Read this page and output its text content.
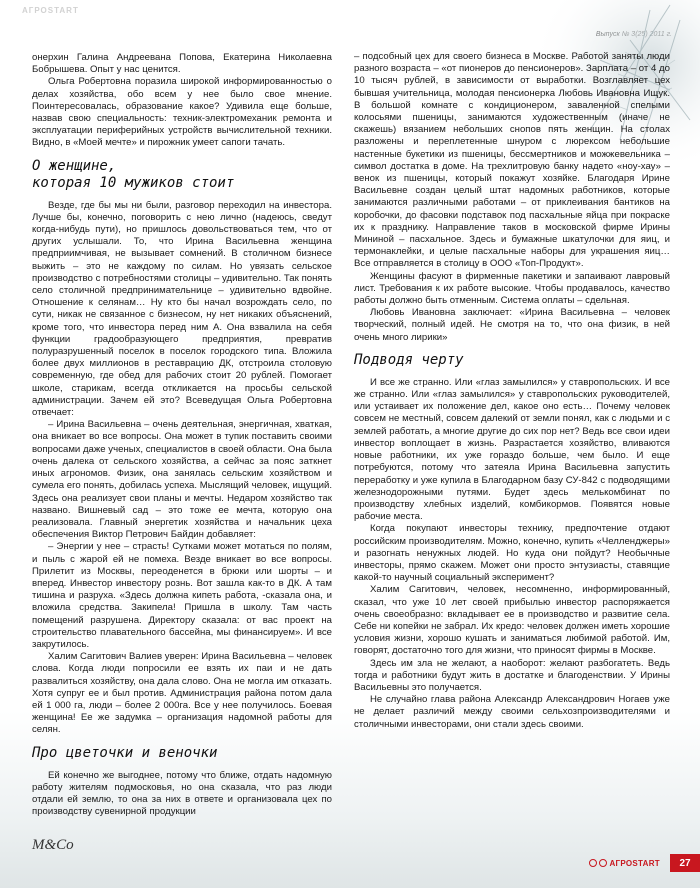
АГРОSTART

онерхин Галина Андреевана Попова, Екатерина Николаевна Бобрышева. Опыт у нас ценится.

Ольга Робертовна поразила широкой информированностью о делах хозяйства, обо всем у нее было свое мнение. Поинтересовалась, образование какое? Удивила еще больше, назвав свою специальность: техник-электромеханик ремонта и эксплуатации периферийных устройств вычислительной техники. Видно, в «Моей мечте» и пирожник умеет сапоги тачать.

О женщине,
которая 10 мужиков стоит

Везде, где бы мы ни были, разговор переходил на инвестора. Лучше бы, конечно, поговорить с нею лично (надеюсь, сведут когда-нибудь пути), но пришлось довольствоваться тем, что от других услышали. То, что Ирина Васильевна женщина предприимчивая, не вызывает сомнений. В столичном бизнесе выжить – это не каждому по силам. Но увязать сельское производство с потребностями столицы – удивительно. Так понять село столичной предпринимательнице – удивительно вдвойне. Отношение к селянам… Ну кто бы начал возрождать село, по сути, никак не связанное с бизнесом, ну нет никаких объяснений, кроме того, что инвестора перед ним А. Она взвалила на себя функции градообразующего предприятия, превратив полуразрушенный поселок в поселок городского типа. Вложила более двух миллионов в реставрацию ДК, отстроила столовую современную, где обед для рабочих стоит 20 рублей. Помогает школе, старикам, всегда откликается на просьбы сельской администрации. Зачем ей это? Всеведущая Ольга Робертовна отвечает:

– Ирина Васильевна – очень деятельная, энергичная, хваткая, она вникает во все вопросы. Она может в тупик поставить своими вопросами даже ученых, специалистов в своей области. Она была очень далека от сельского хозяйства, а сейчас за пояс заткнет иных агрономов. Физик, она занялась сельским хозяйством и сумела его понять, добилась успеха. Мыслящий человек, ищущий. Здесь она реализует свои планы и мечты. Недаром хозяйство так названо. Вишневый сад – это тоже ее мечта, которую она реализовала. Главный энергетик хозяйства и начальник цеха обеспечения Виктор Петрович Байдин добавляет:

– Энергии у нее – страсть! Сутками может мотаться по полям, и пыль с жарой ей не помеха. Везде вникает во все вопросы. Прилетит из Москвы, переоденется в брюки или шорты – и вперед. Инвестор инвестору рознь. Вот зашла как-то в ДК. А там тишина и разруха. «Здесь должна кипеть работа, -сказала она, и вложила средства. Закипела! Пришла в школу. Там часть помещений разрушена. Директору сказала: от вас проект на строительство плавательного бассейна, мы финансируем». И все закрутилось.

Халим Сагитович Валиев уверен: Ирина Васильевна – человек слова. Когда люди попросили ее взять их паи и не дать развалиться хозяйству, она дала слово. Она не могла им отказать. Хотя супруг ее и был против. Администрация района потом дала ей 1 000 га, люди – более 2 000га. Все у нее получилось. Боевая женщина! Ее же задумка – организация надомной работы для селян.

Про цветочки и веночки

Ей конечно же выгоднее, потому что ближе, отдать надомную работу жителям подмосковья, но она сказала, что раз люди отдали ей землю, то она за них в ответе и организовала цех по производству сувенирной продукции

– подсобный цех для своего бизнеса в Москве. Работой заняты люди разного возраста – «от пионеров до пенсионеров». Зарплата – от 4 до 10 тысяч рублей, в зависимости от выработки. Возглавляет цех бывшая учительница, молодая пенсионерка Любовь Ивановна Ищук. В большой комнате с кондиционером, заваленной спелыми колосьями пшеницы, занимаются художественным (иначе не скажешь) вязанием небольших снопов пять женщин. На столах разложены и переплетенные шнуром с люрексом небольшие настенные букетики из пшеницы, бессмертников и можжевельника – символ достатка в доме. На трехлитровую банку надето «ноу-хау» – венок из пшеницы, который покажут хозяйке. Благодаря Ирине Васильевне создан целый штат надомных работников, которые занимаются различными работами – от приклеивания бантиков на коробочки, до фасовки подставок под пасхальные яйца при покраске их к празднику. Направление таков в московской фирме Ирины Мининой – пасхальное. Здесь и бумажные шкатулочки для яиц, и термонаклейки, и целые пасхальные наборы для украшения яиц… Все отправляется в столицу в ООО «Топ-Продукт».

Женщины фасуют в фирменные пакетики и запаивают лавровый лист. Требования к их работе высокие. Чтобы продавалось, качество работы должно быть отменным. Система оплаты – сдельная.

Любовь Ивановна заключает: «Ирина Васильевна – человек творческий, полный идей. Не смотря на то, что она физик, в ней очень много лирики»

Подводя черту

И все же странно. Или «глаз замылился» у ставропольских. И все же странно. Или «глаз замылился» у ставропольских руководителей, или устаивает их положение дел, какое оно есть… Почему человек совсем не местный, совсем далекий от земли понял, как с людьми и с землей работать, а многие другие до сих пор нет? Ведь все свои идеи инвестор воплощает в жизнь. Разрастается хозяйство, вливаются новые работники, их уже гораздо больше, чем было. И еще потребуются, потому что затеяла Ирина Васильевна запустить переработку и уже купила в Благодарном базу СУ-842 с подводящими железнодорожными путями. Будет здесь мелькомбинат по производству хлебных изделий, комбикормов. Появятся новые рабочие места.

Когда покупают инвесторы технику, предпочтение отдают российским производителям. Можно, конечно, купить «Челленджеры» и разогнать ненужных людей. Но куда они пойдут? Необычные инвесторы, прямо скажем. Может они просто энтузиасты, ставящие какой-то научный социальный эксперимент?

Халим Сагитович, человек, несомненно, информированный, сказал, что уже 10 лет своей прибылью инвестор распоряжается очень своеобразно: вкладывает ее в производство и развитие села. Себе ни копейки не забрал. Их кредо: человек должен иметь хорошие условия жизни, хорошо кушать и заниматься любимой работой. Им, говорят, достаточно того для жизни, что приносят фирмы в Москве.

Здесь им зла не желают, а наоборот: желают разбогатеть. Ведь тогда и работники будут жить в достатке и благоденствии. У Ирины Васильевны это получается.

Не случайно глава района Александр Александрович Ногаев уже не делает различий между своими сельхозпроизводителями и столичными инвесторами, они стали здесь своими.

M&Co
АГРОSTART	27
